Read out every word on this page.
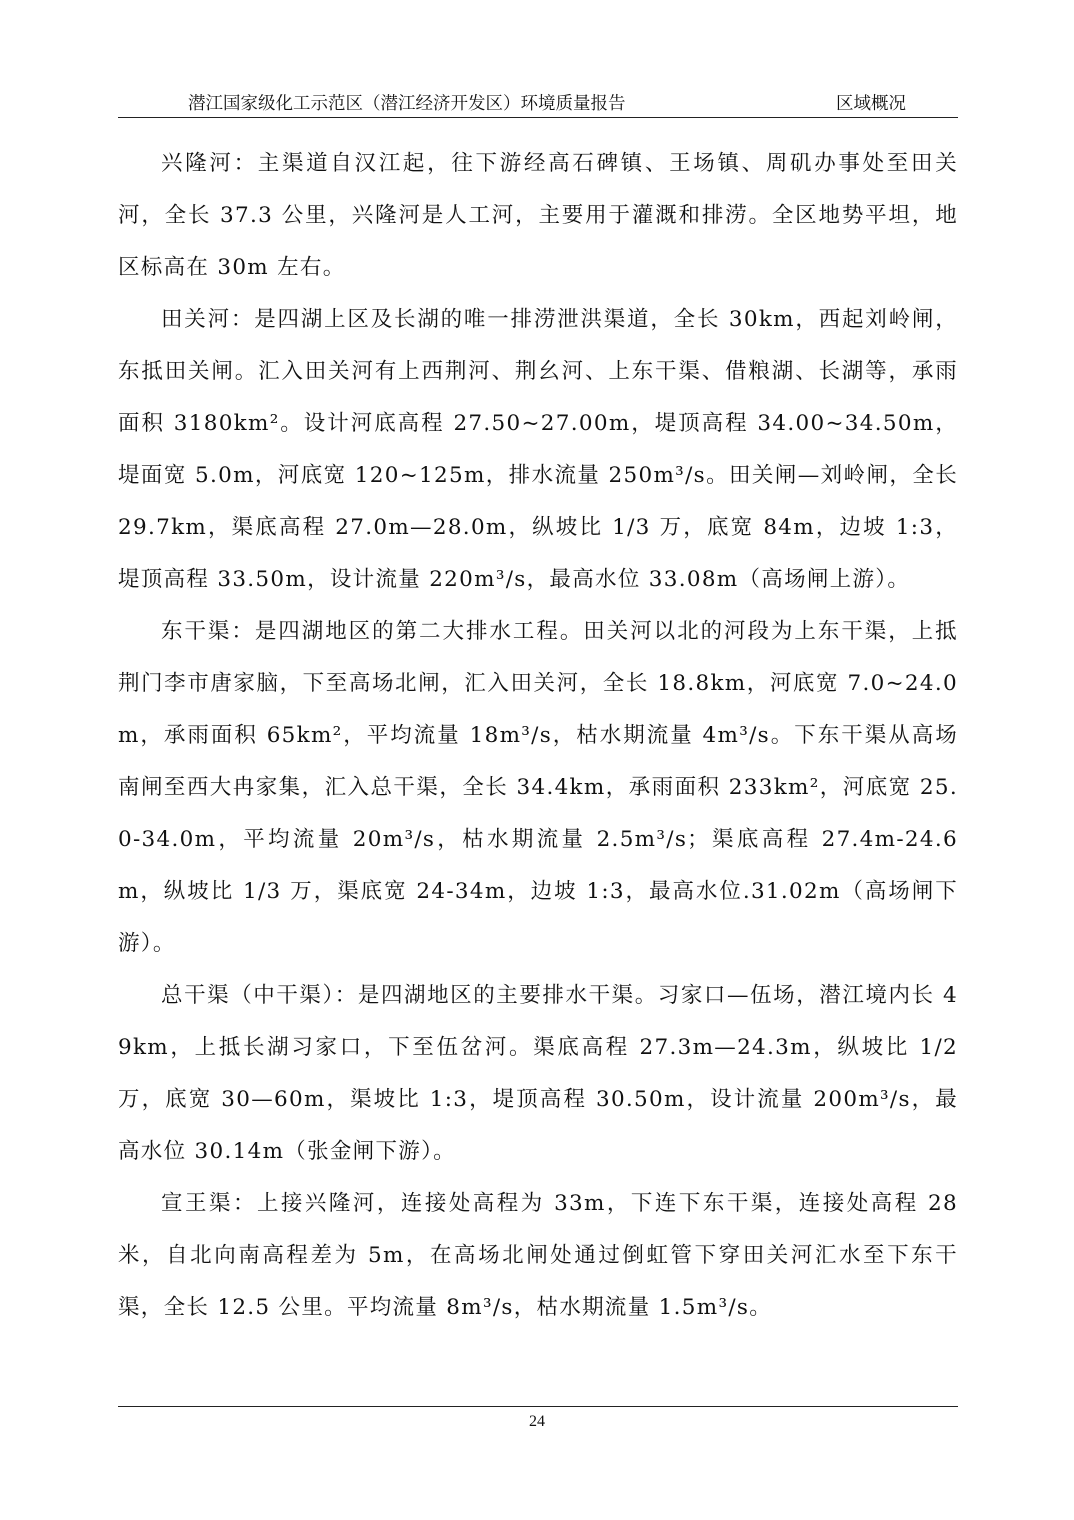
潜江国家级化工示范区（潜江经济开发区）环境质量报告	区域概况

兴隆河：主渠道自汉江起，往下游经高石碑镇、王场镇、周矶办事处至田关河，全长 37.3 公里，兴隆河是人工河，主要用于灌溉和排涝。全区地势平坦，地区标高在 30m 左右。

田关河：是四湖上区及长湖的唯一排涝泄洪渠道，全长 30km，西起刘岭闸，东抵田关闸。汇入田关河有上西荆河、荆幺河、上东干渠、借粮湖、长湖等，承雨面积 3180km²。设计河底高程 27.50~27.00m，堤顶高程 34.00~34.50m，堤面宽 5.0m，河底宽 120~125m，排水流量 250m³/s。田关闸—刘岭闸，全长 29.7km，渠底高程 27.0m—28.0m，纵坡比 1/3 万，底宽 84m，边坡 1:3，堤顶高程 33.50m，设计流量 220m³/s，最高水位 33.08m（高场闸上游）。

东干渠：是四湖地区的第二大排水工程。田关河以北的河段为上东干渠，上抵荆门李市唐家脑，下至高场北闸，汇入田关河，全长 18.8km，河底宽 7.0~24.0m，承雨面积 65km²，平均流量 18m³/s，枯水期流量 4m³/s。下东干渠从高场南闸至西大冉家集，汇入总干渠，全长 34.4km，承雨面积 233km²，河底宽 25.0-34.0m，平均流量 20m³/s，枯水期流量 2.5m³/s；渠底高程 27.4m-24.6m，纵坡比 1/3 万，渠底宽 24-34m，边坡 1:3，最高水位.31.02m（高场闸下游）。

总干渠（中干渠）：是四湖地区的主要排水干渠。习家口—伍场，潜江境内长 49km，上抵长湖习家口，下至伍岔河。渠底高程 27.3m—24.3m，纵坡比 1/2 万，底宽 30—60m，渠坡比 1:3，堤顶高程 30.50m，设计流量 200m³/s，最高水位 30.14m（张金闸下游）。

宣王渠：上接兴隆河，连接处高程为 33m，下连下东干渠，连接处高程 28 米，自北向南高程差为 5m，在高场北闸处通过倒虹管下穿田关河汇水至下东干渠，全长 12.5 公里。平均流量 8m³/s，枯水期流量 1.5m³/s。

24
